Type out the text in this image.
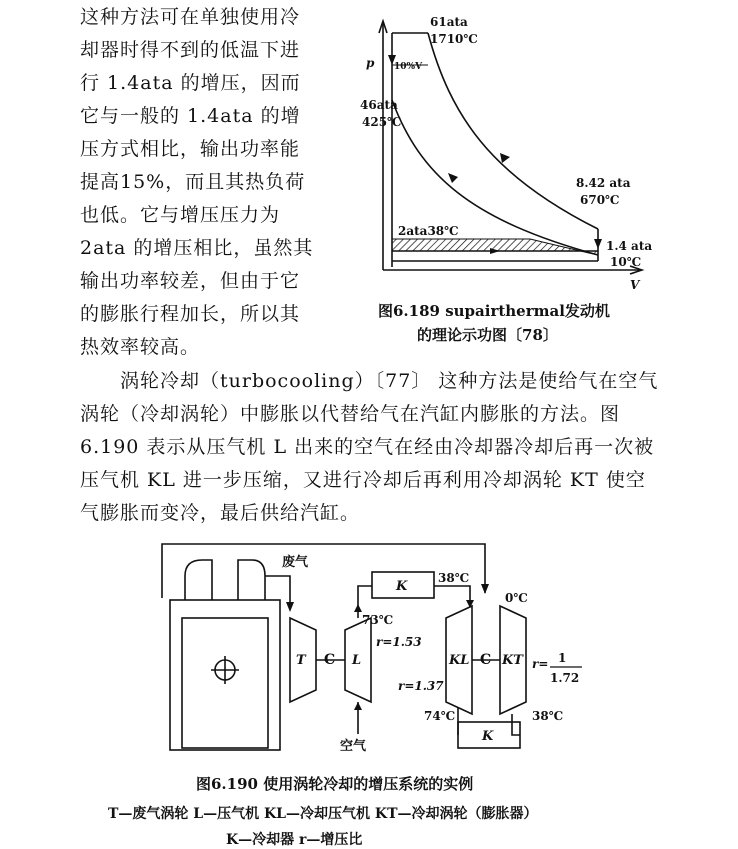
这种方法可在单独使用冷
却器时得不到的低温下进
行 1.4ata 的增压，因而
它与一般的 1.4ata 的增
压方式相比，输出功率能
提高15%，而且其热负荷
也低。它与增压压力为
2ata 的增压相比，虽然其
输出功率较差，但由于它
的膨胀行程加长，所以其
热效率较高。
p
V
61ata
1710℃
10%V
46ata
425℃
8.42 ata
670℃
2ata38℃
1.4 ata
10℃
图6.189 supairthermal发动机
的理论示功图〔78〕
涡轮冷却（turbocooling）〔77〕 这种方法是使给气在空气
涡轮（冷却涡轮）中膨胀以代替给气在汽缸内膨胀的方法。图
6.190 表示从压气机 L 出来的空气在经由冷却器冷却后再一次被
压气机 KL 进一步压缩，又进行冷却后再利用冷却涡轮 KT 使空
气膨胀而变冷，最后供给汽缸。
废气
T	L
C
K
38℃
0℃
73℃
r=1.53
KL C KT
r=1.37
r= 1
1.72
74℃	38℃
K
空气
图6.190 使用涡轮冷却的增压系统的实例
T—废气涡轮 L—压气机 KL—冷却压气机 KT—冷却涡轮（膨胀器）
K—冷却器 r—增压比
